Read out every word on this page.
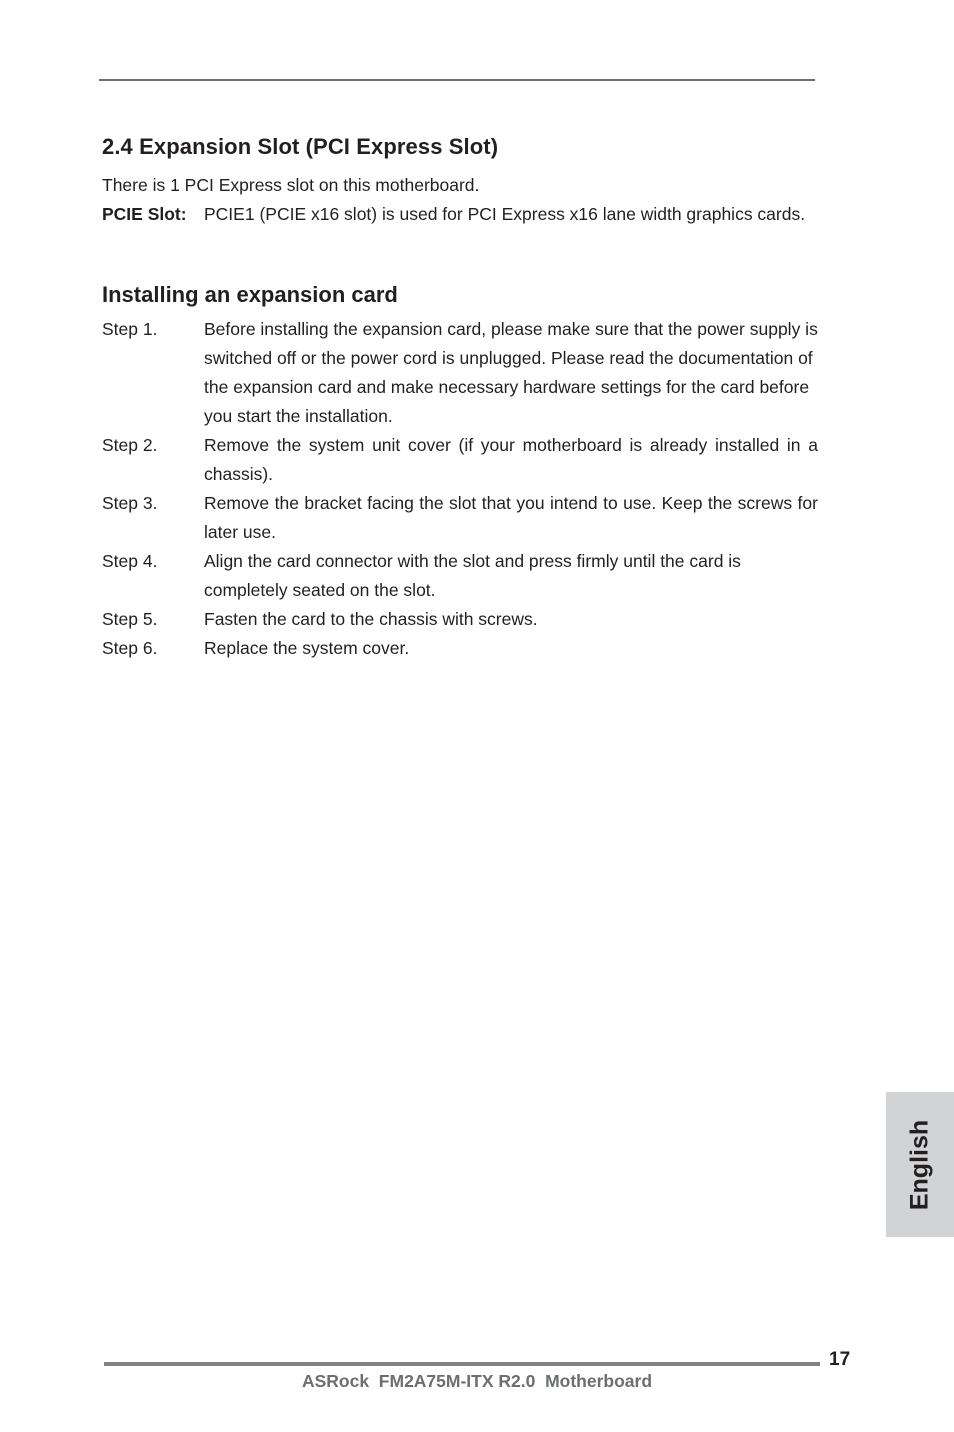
2.4 Expansion Slot (PCI Express Slot)

There is 1 PCI Express slot on this motherboard.

PCIE Slot: PCIE1 (PCIE x16 slot) is used for PCI Express x16 lane width graphics cards.

Installing an expansion card
Step 1.	Before installing the expansion card, please make sure that the power supply is switched off or the power cord is unplugged. Please read the documentation of the expansion card and make necessary hardware settings for the card before you start the installation.
Step 2.	Remove the system unit cover (if your motherboard is already installed in a chassis).
Step 3.	Remove the bracket facing the slot that you intend to use. Keep the screws for later use.
Step 4.	Align the card connector with the slot and press firmly until the card is completely seated on the slot.
Step 5.	Fasten the card to the chassis with screws.
Step 6.	Replace the system cover.
English
17
ASRock  FM2A75M-ITX R2.0  Motherboard
